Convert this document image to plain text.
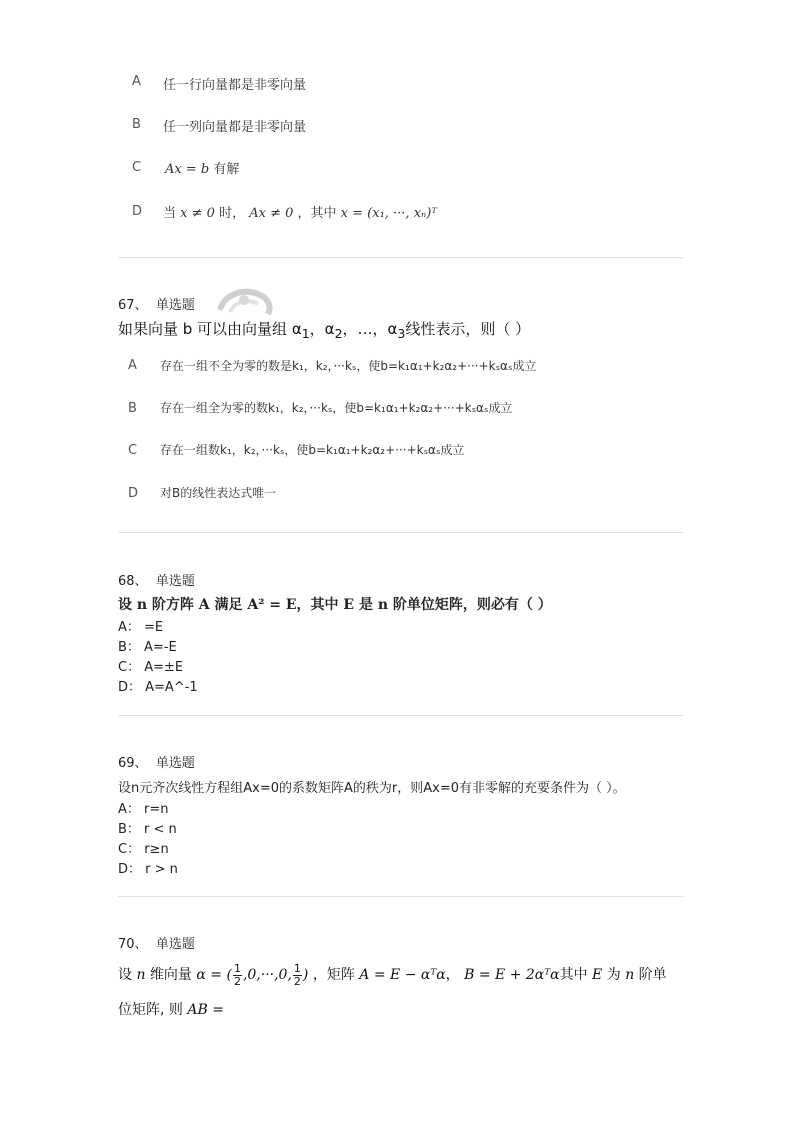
A 任一行向量都是非零向量
B 任一列向量都是非零向量
C Ax = b 有解
D 当 x ≠ 0 时， Ax ≠ 0 ，其中 x = (x₁, ···, xₙ)ᵀ
67、 单选题
如果向量 b 可以由向量组 $\alpha_1$，$\alpha_2$，…，$\alpha_3$线性表示，则（ ）
A 存在一组不全为零的数是k₁，k₂，···kₛ，使b=k₁α₁+k₂α₂+···+kₛαₛ成立
B 存在一组全为零的数k₁，k₂，···kₛ，使b=k₁α₁+k₂α₂+···+kₛαₛ成立
C 存在一组数k₁，k₂，···kₛ，使b=k₁α₁+k₂α₂+···+kₛαₛ成立
D 对B的线性表达式唯一
68、 单选题
设 n 阶方阵 A 满足 A² = E，其中 E 是 n 阶单位矩阵，则必有（ ）
A： =E
B： A=-E
C： A=±E
D： A=A^-1
69、 单选题
设n元齐次线性方程组Ax=0的系数矩阵A的秩为r，则Ax=0有非零解的充要条件为（ ）。
A： r=n
B： r < n
C： r≥n
D： r > n
70、 单选题
设 n 维向量 α = ( $\frac{1}{2} ,0,\cdot\cdot\cdot,0$, $\frac{1}{2}$ ) ，矩阵 A = E − αᵀα， B = E + 2αᵀα其中 E 为 n 阶单
位矩阵, 则 AB =
